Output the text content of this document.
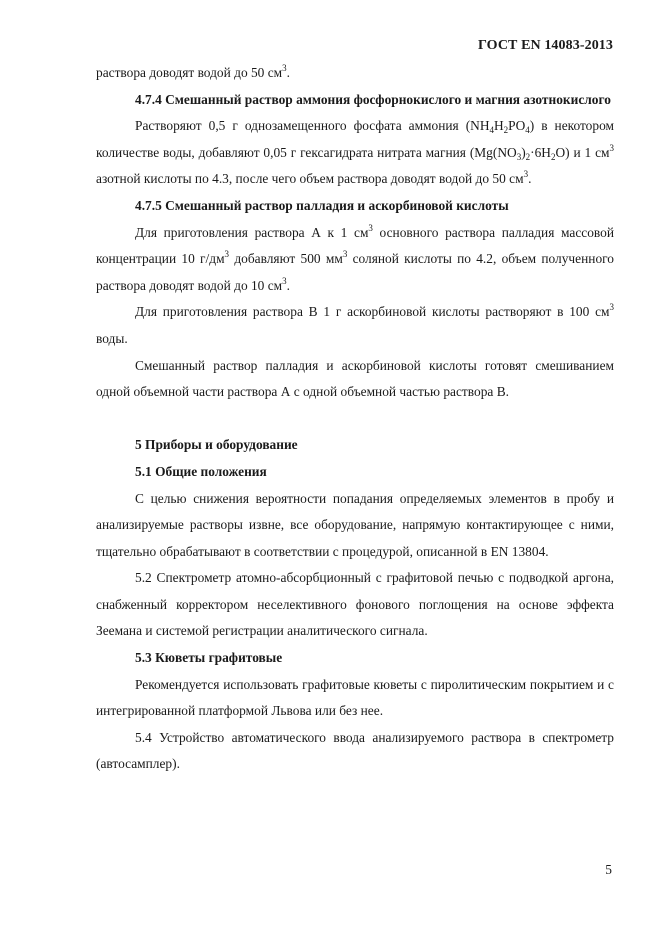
ГОСТ EN 14083-2013

раствора доводят водой до 50 $см^3$.

4.7.4 Смешанный раствор аммония фосфорнокислого и магния азотнокислого

Растворяют 0,5 г однозамещенного фосфата аммония $(NH_4H_2PO_4)$ в некотором количестве воды, добавляют 0,05 г гексагидрата нитрата магния $(Mg(NO_3)_2\cdot 6H_2O)$ и 1 $см^3$ азотной кислоты по 4.3, после чего объем раствора доводят водой до 50 $см^3$.

4.7.5 Смешанный раствор палладия и аскорбиновой кислоты

Для приготовления раствора А к 1 $см^3$ основного раствора палладия массовой концентрации 10 $г/дм^3$ добавляют 500 $мм^3$ соляной кислоты по 4.2, объем полученного раствора доводят водой до 10 $см^3$.

Для приготовления раствора В 1 г аскорбиновой кислоты растворяют в 100 $см^3$ воды.

Смешанный раствор палладия и аскорбиновой кислоты готовят смешиванием одной объемной части раствора А с одной объемной частью раствора В.

5 Приборы и оборудование

5.1 Общие положения

С целью снижения вероятности попадания определяемых элементов в пробу и анализируемые растворы извне, все оборудование, напрямую контактирующее с ними, тщательно обрабатывают в соответствии с процедурой, описанной в EN 13804.

5.2 Спектрометр атомно-абсорбционный с графитовой печью с подводкой аргона, снабженный корректором неселективного фонового поглощения на основе эффекта Зеемана и системой регистрации аналитического сигнала.

5.3 Кюветы графитовые

Рекомендуется использовать графитовые кюветы с пиролитическим покрытием и с интегрированной платформой Львова или без нее.

5.4 Устройство автоматического ввода анализируемого раствора в спектрометр (автосамплер).

5
